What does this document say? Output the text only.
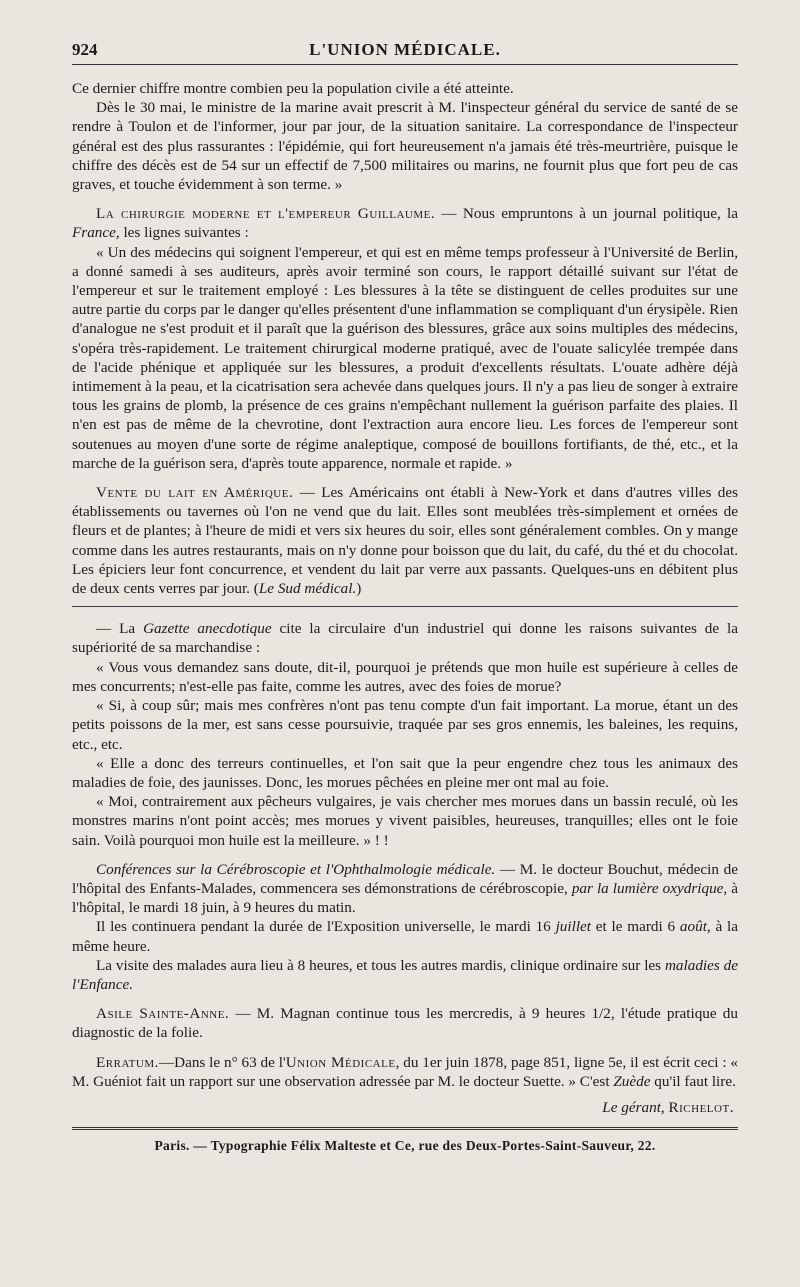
924	L'UNION MÉDICALE.

Ce dernier chiffre montre combien peu la population civile a été atteinte.

Dès le 30 mai, le ministre de la marine avait prescrit à M. l'inspecteur général du service de santé de se rendre à Toulon et de l'informer, jour par jour, de la situation sanitaire. La correspondance de l'inspecteur général est des plus rassurantes : l'épidémie, qui fort heureusement n'a jamais été très-meurtrière, puisque le chiffre des décès est de 54 sur un effectif de 7,500 militaires ou marins, ne fournit plus que fort peu de cas graves, et touche évidemment à son terme. »

La chirurgie moderne et l'empereur Guillaume. — Nous empruntons à un journal politique, la France, les lignes suivantes :

« Un des médecins qui soignent l'empereur, et qui est en même temps professeur à l'Université de Berlin, a donné samedi à ses auditeurs, après avoir terminé son cours, le rapport détaillé suivant sur l'état de l'empereur et sur le traitement employé : Les blessures à la tête se distinguent de celles produites sur une autre partie du corps par le danger qu'elles présentent d'une inflammation se compliquant d'un érysipèle. Rien d'analogue ne s'est produit et il paraît que la guérison des blessures, grâce aux soins multiples des médecins, s'opéra très-rapidement. Le traitement chirurgical moderne pratiqué, avec de l'ouate salicylée trempée dans de l'acide phénique et appliquée sur les blessures, a produit d'excellents résultats. L'ouate adhère déjà intimement à la peau, et la cicatrisation sera achevée dans quelques jours. Il n'y a pas lieu de songer à extraire tous les grains de plomb, la présence de ces grains n'empêchant nullement la guérison parfaite des plaies. Il n'en est pas de même de la chevrotine, dont l'extraction aura encore lieu. Les forces de l'empereur sont soutenues au moyen d'une sorte de régime analeptique, composé de bouillons fortifiants, de thé, etc., et la marche de la guérison sera, d'après toute apparence, normale et rapide. »

Vente du lait en Amérique. — Les Américains ont établi à New-York et dans d'autres villes des établissements ou tavernes où l'on ne vend que du lait. Elles sont meublées très-simplement et ornées de fleurs et de plantes; à l'heure de midi et vers six heures du soir, elles sont généralement combles. On y mange comme dans les autres restaurants, mais on n'y donne pour boisson que du lait, du café, du thé et du chocolat. Les épiciers leur font concurrence, et vendent du lait par verre aux passants. Quelques-uns en débitent plus de deux cents verres par jour. (Le Sud médical.)

— La Gazette anecdotique cite la circulaire d'un industriel qui donne les raisons suivantes de la supériorité de sa marchandise :

« Vous vous demandez sans doute, dit-il, pourquoi je prétends que mon huile est supérieure à celles de mes concurrents; n'est-elle pas faite, comme les autres, avec des foies de morue?

« Si, à coup sûr; mais mes confrères n'ont pas tenu compte d'un fait important. La morue, étant un des petits poissons de la mer, est sans cesse poursuivie, traquée par ses gros ennemis, les baleines, les requins, etc., etc.

« Elle a donc des terreurs continuelles, et l'on sait que la peur engendre chez tous les animaux des maladies de foie, des jaunisses. Donc, les morues pêchées en pleine mer ont mal au foie.

« Moi, contrairement aux pêcheurs vulgaires, je vais chercher mes morues dans un bassin reculé, où les monstres marins n'ont point accès; mes morues y vivent paisibles, heureuses, tranquilles; elles ont le foie sain. Voilà pourquoi mon huile est la meilleure. » ! !

Conférences sur la Cérébroscopie et l'Ophthalmologie médicale. — M. le docteur Bouchut, médecin de l'hôpital des Enfants-Malades, commencera ses démonstrations de cérébroscopie, par la lumière oxydrique, à l'hôpital, le mardi 18 juin, à 9 heures du matin.

Il les continuera pendant la durée de l'Exposition universelle, le mardi 16 juillet et le mardi 6 août, à la même heure.

La visite des malades aura lieu à 8 heures, et tous les autres mardis, clinique ordinaire sur les maladies de l'Enfance.

Asile Sainte-Anne. — M. Magnan continue tous les mercredis, à 9 heures 1/2, l'étude pratique du diagnostic de la folie.

Erratum.—Dans le n° 63 de l'Union Médicale, du 1er juin 1878, page 851, ligne 5e, il est écrit ceci : « M. Guéniot fait un rapport sur une observation adressée par M. le docteur Suette. » C'est Zuède qu'il faut lire.

Le gérant, Richelot.
Paris. — Typographie Félix Malteste et Ce, rue des Deux-Portes-Saint-Sauveur, 22.
